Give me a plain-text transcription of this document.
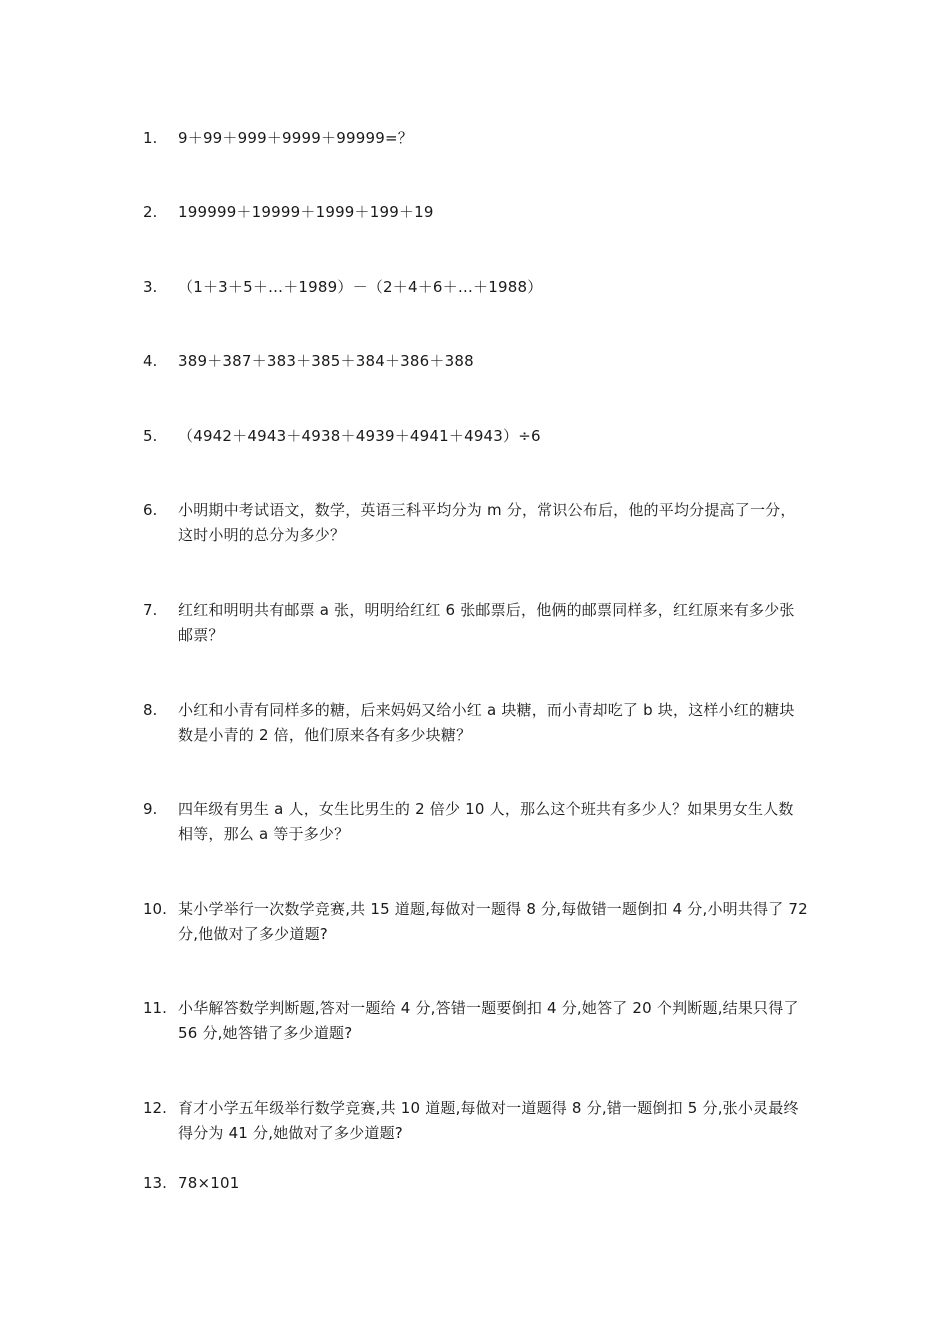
1.	9＋99＋999＋9999＋99999=？
2.	199999＋19999＋1999＋199＋19
3.	（1＋3＋5＋…＋1989）－（2＋4＋6＋…＋1988）
4.	389＋387＋383＋385＋384＋386＋388
5.	（4942＋4943＋4938＋4939＋4941＋4943）÷6
6.	小明期中考试语文，数学，英语三科平均分为 m 分，常识公布后，他的平均分提高了一分，这时小明的总分为多少？
7.	红红和明明共有邮票 a 张，明明给红红 6 张邮票后，他俩的邮票同样多，红红原来有多少张邮票？
8.	小红和小青有同样多的糖，后来妈妈又给小红 a 块糖，而小青却吃了 b 块，这样小红的糖块数是小青的 2 倍，他们原来各有多少块糖？
9.	四年级有男生 a 人，女生比男生的 2 倍少 10 人，那么这个班共有多少人？如果男女生人数相等，那么 a 等于多少？
10. 某小学举行一次数学竞赛,共 15 道题,每做对一题得 8 分,每做错一题倒扣 4 分,小明共得了 72 分,他做对了多少道题?
11. 小华解答数学判断题,答对一题给 4 分,答错一题要倒扣 4 分,她答了 20 个判断题,结果只得了 56 分,她答错了多少道题?
12. 育才小学五年级举行数学竞赛,共 10 道题,每做对一道题得 8 分,错一题倒扣 5 分,张小灵最终得分为 41 分,她做对了多少道题?
13. 78×101
